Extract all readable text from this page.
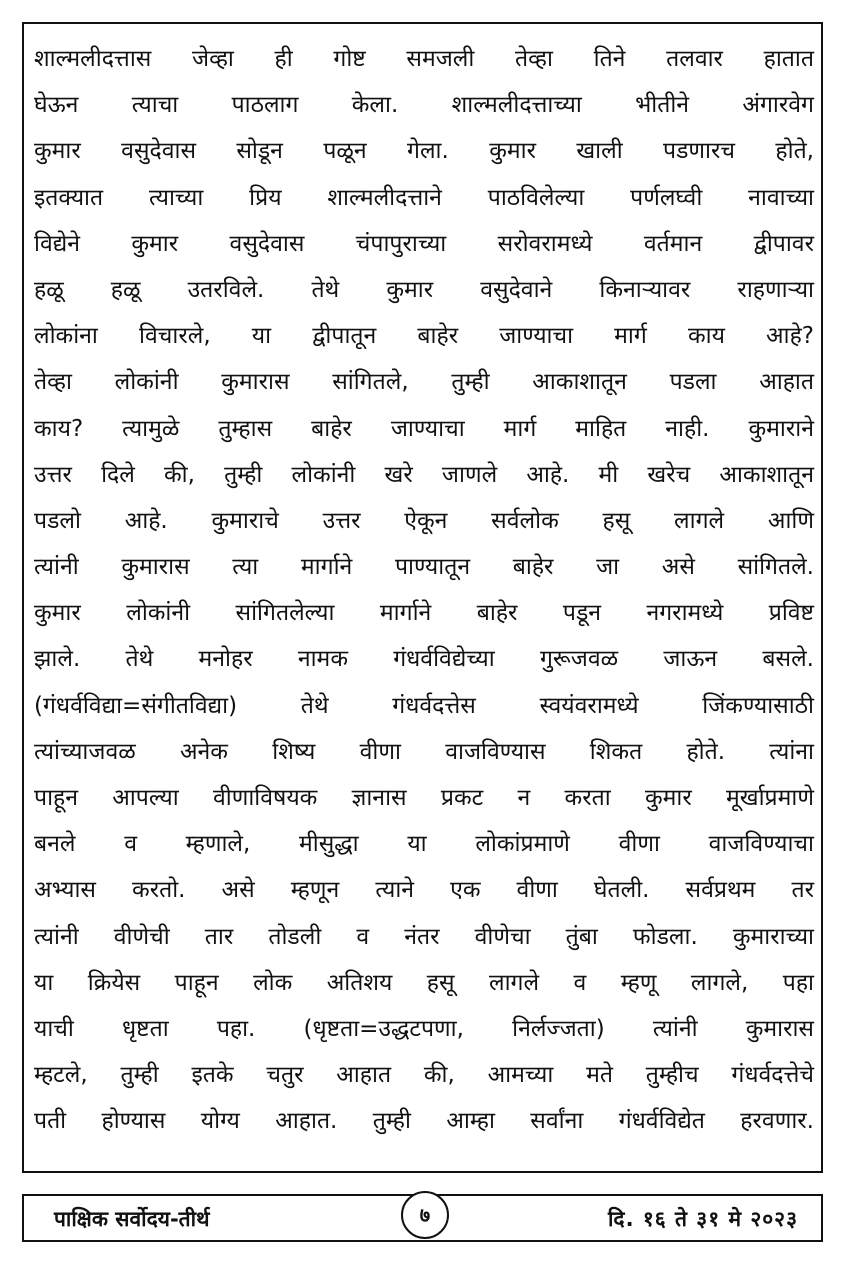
शाल्मलीदत्तास जेव्हा ही गोष्ट समजली तेव्हा तिने तलवार हातात
घेऊन त्याचा पाठलाग केला. शाल्मलीदत्ताच्या भीतीने अंगारवेग
कुमार वसुदेवास सोडून पळून गेला. कुमार खाली पडणारच होते,
इतक्यात त्याच्या प्रिय शाल्मलीदत्ताने पाठविलेल्या पर्णलघ्वी नावाच्या
विद्येने कुमार वसुदेवास चंपापुराच्या सरोवरामध्ये वर्तमान द्वीपावर
हळू हळू उतरविले. तेथे कुमार वसुदेवाने किनाऱ्यावर राहणाऱ्या
लोकांना विचारले, या द्वीपातून बाहेर जाण्याचा मार्ग काय आहे?
तेव्हा लोकांनी कुमारास सांगितले, तुम्ही आकाशातून पडला आहात
काय? त्यामुळे तुम्हास बाहेर जाण्याचा मार्ग माहित नाही. कुमाराने
उत्तर दिले की, तुम्ही लोकांनी खरे जाणले आहे. मी खरेच आकाशातून
पडलो आहे. कुमाराचे उत्तर ऐकून सर्वलोक हसू लागले आणि
त्यांनी कुमारास त्या मार्गाने पाण्यातून बाहेर जा असे सांगितले.
कुमार लोकांनी सांगितलेल्या मार्गाने बाहेर पडून नगरामध्ये प्रविष्ट
झाले. तेथे मनोहर नामक गंधर्वविद्येच्या गुरूजवळ जाऊन बसले.
(गंधर्वविद्या=संगीतविद्या) तेथे गंधर्वदत्तेस स्वयंवरामध्ये जिंकण्यासाठी
त्यांच्याजवळ अनेक शिष्य वीणा वाजविण्यास शिकत होते. त्यांना
पाहून आपल्या वीणाविषयक ज्ञानास प्रकट न करता कुमार मूर्खाप्रमाणे
बनले व म्हणाले, मीसुद्धा या लोकांप्रमाणे वीणा वाजविण्याचा
अभ्यास करतो. असे म्हणून त्याने एक वीणा घेतली. सर्वप्रथम तर
त्यांनी वीणेची तार तोडली व नंतर वीणेचा तुंबा फोडला. कुमाराच्या
या क्रियेस पाहून लोक अतिशय हसू लागले व म्हणू लागले, पहा
याची धृष्टता पहा. (धृष्टता=उद्धटपणा, निर्लज्जता) त्यांनी कुमारास
म्हटले, तुम्ही इतके चतुर आहात की, आमच्या मते तुम्हीच गंधर्वदत्तेचे
पती होण्यास योग्य आहात. तुम्ही आम्हा सर्वांना गंधर्वविद्येत हरवणार.
पाक्षिक सर्वोदय-तीर्थ	७	दि. १६ ते ३१ मे २०२३
